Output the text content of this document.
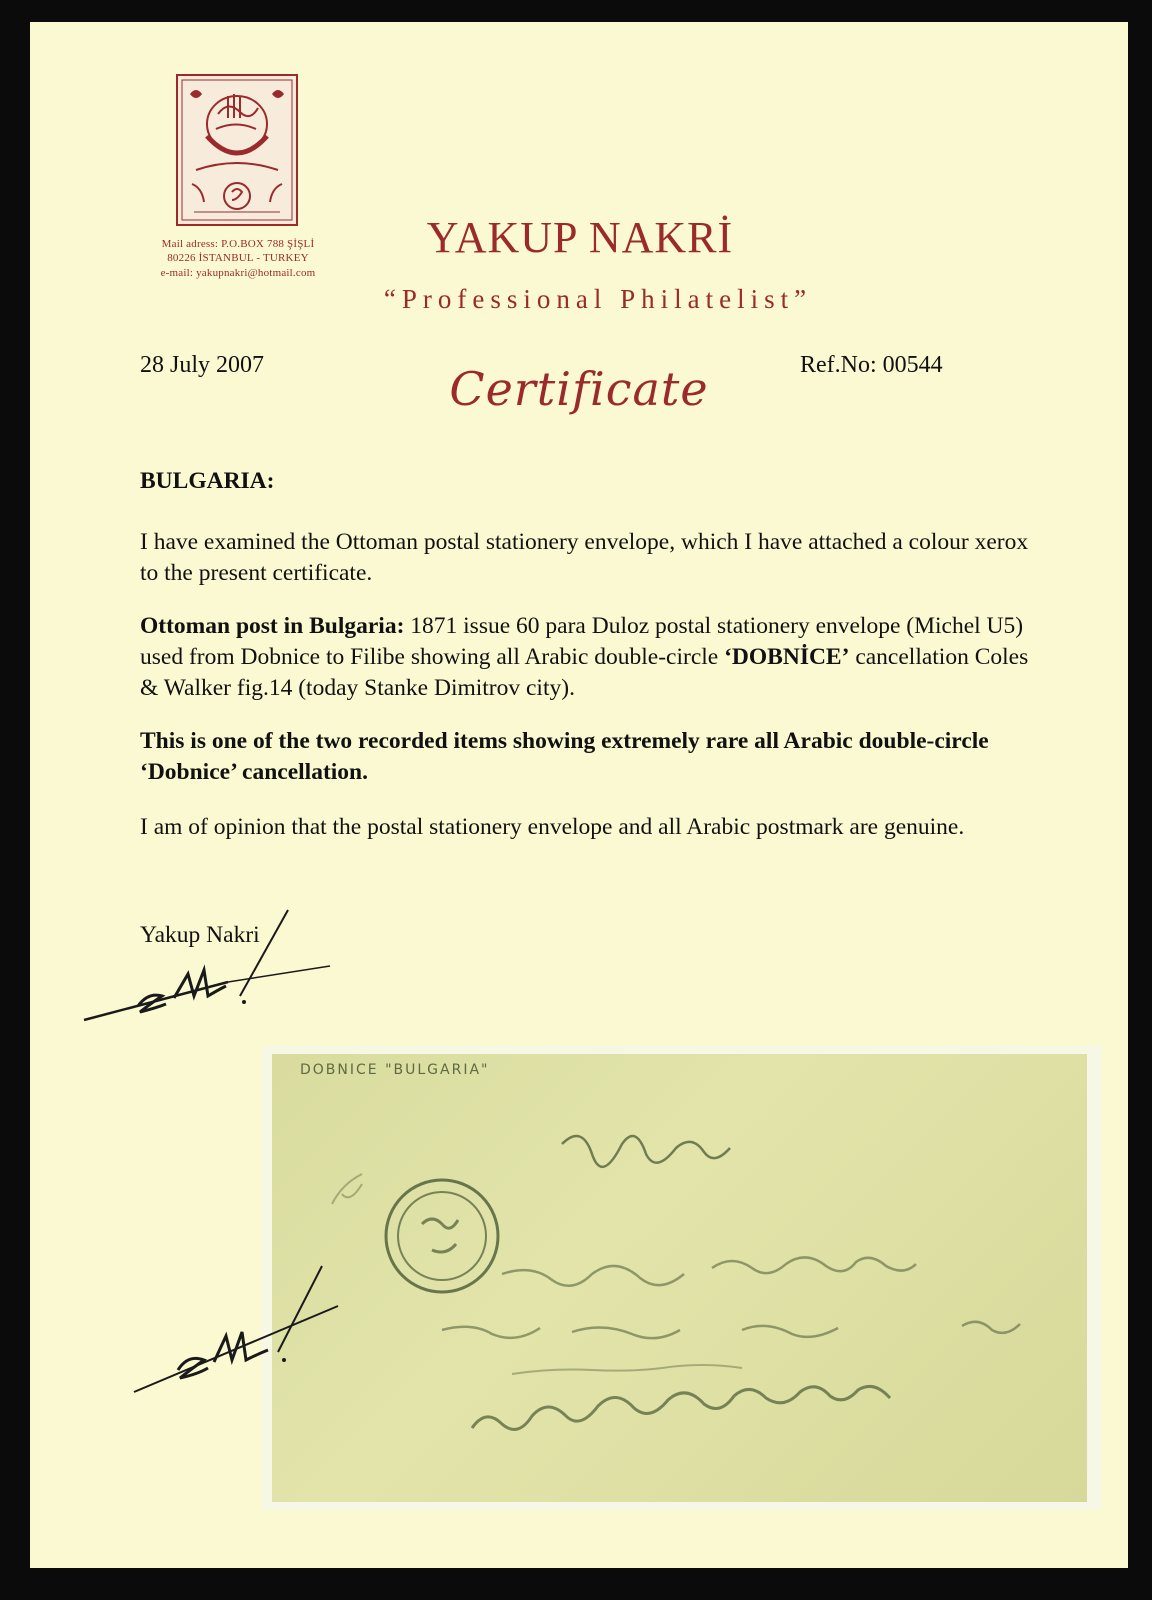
Mail adress: P.O.BOX 788 ŞİŞLİ
80226 İSTANBUL - TURKEY
e-mail: yakupnakri@hotmail.com
YAKUP NAKRİ
“Professional Philatelist”
28 July 2007	Ref.No: 00544
Certificate
BULGARIA:
I have examined the Ottoman postal stationery envelope, which I have attached a colour xerox to the present certificate.
Ottoman post in Bulgaria: 1871 issue 60 para Duloz postal stationery envelope (Michel U5) used from Dobnice to Filibe showing all Arabic double-circle ‘DOBNİCE’ cancellation Coles & Walker fig.14 (today Stanke Dimitrov city).
This is one of the two recorded items showing extremely rare all Arabic double-circle ‘Dobnice’ cancellation.
I am of opinion that the postal stationery envelope and all Arabic postmark are genuine.
Yakup Nakri
DOBNICE "BULGARIA"
